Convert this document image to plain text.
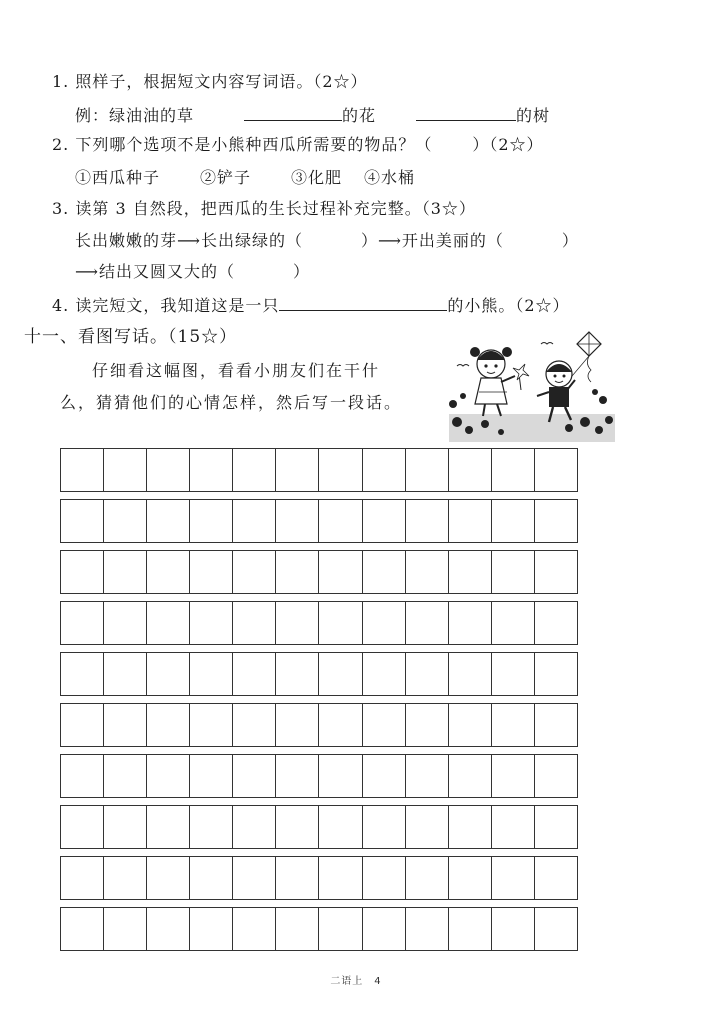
1. 照样子，根据短文内容写词语。（2☆）
例：绿油油的草	的花	的树
2. 下列哪个选项不是小熊种西瓜所需要的物品？（	）（2☆）
①西瓜种子	②铲子	③化肥 ④水桶
3. 读第 3 自然段，把西瓜的生长过程补充完整。（3☆）
长出嫩嫩的芽⟶长出绿绿的（	）⟶开出美丽的（	）
⟶结出又圆又大的（	）
4. 读完短文，我知道这是一只	的小熊。（2☆）
十一、看图写话。（15☆）
仔细看这幅图，看看小朋友们在干什
么，猜猜他们的心情怎样，然后写一段话。
二语上　4
